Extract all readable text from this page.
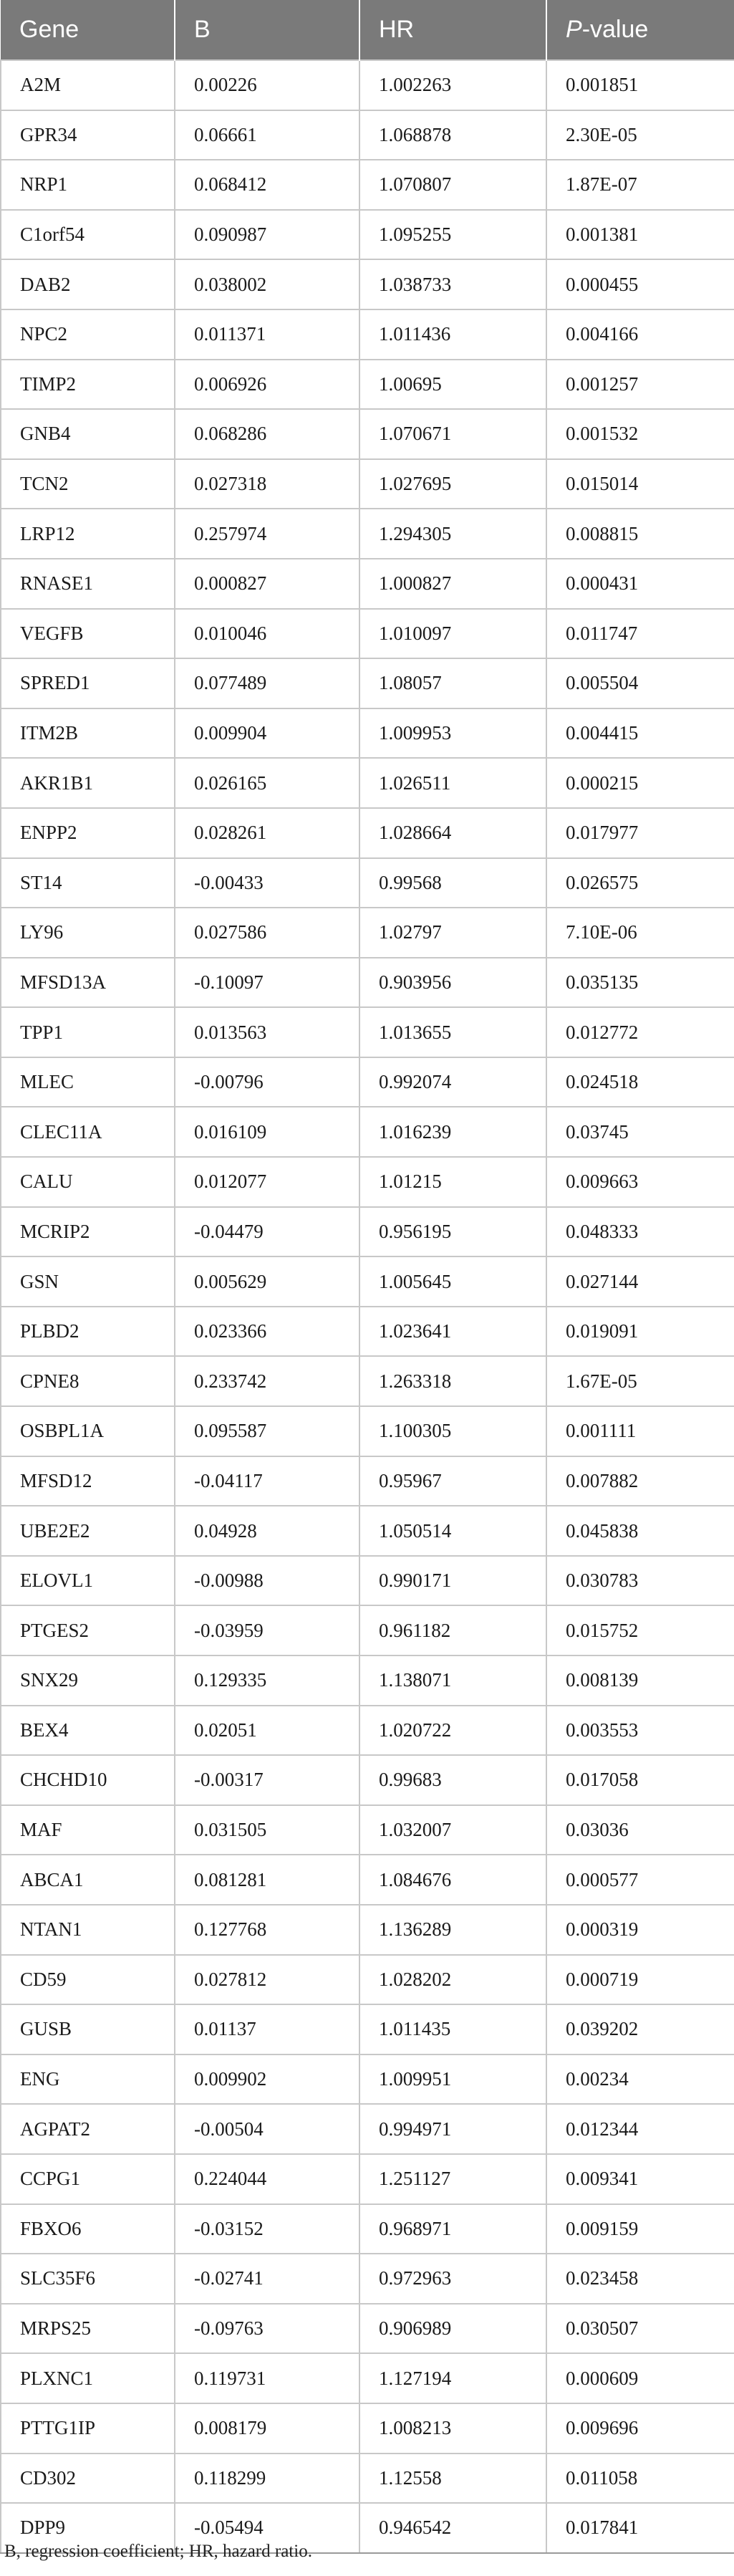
Gene	B	HR	P-value
A2M	0.00226	1.002263	0.001851
GPR34	0.06661	1.068878	2.30E-05
NRP1	0.068412	1.070807	1.87E-07
C1orf54	0.090987	1.095255	0.001381
DAB2	0.038002	1.038733	0.000455
NPC2	0.011371	1.011436	0.004166
TIMP2	0.006926	1.00695	0.001257
GNB4	0.068286	1.070671	0.001532
TCN2	0.027318	1.027695	0.015014
LRP12	0.257974	1.294305	0.008815
RNASE1	0.000827	1.000827	0.000431
VEGFB	0.010046	1.010097	0.011747
SPRED1	0.077489	1.08057	0.005504
ITM2B	0.009904	1.009953	0.004415
AKR1B1	0.026165	1.026511	0.000215
ENPP2	0.028261	1.028664	0.017977
ST14	-0.00433	0.99568	0.026575
LY96	0.027586	1.02797	7.10E-06
MFSD13A	-0.10097	0.903956	0.035135
TPP1	0.013563	1.013655	0.012772
MLEC	-0.00796	0.992074	0.024518
CLEC11A	0.016109	1.016239	0.03745
CALU	0.012077	1.01215	0.009663
MCRIP2	-0.04479	0.956195	0.048333
GSN	0.005629	1.005645	0.027144
PLBD2	0.023366	1.023641	0.019091
CPNE8	0.233742	1.263318	1.67E-05
OSBPL1A	0.095587	1.100305	0.001111
MFSD12	-0.04117	0.95967	0.007882
UBE2E2	0.04928	1.050514	0.045838
ELOVL1	-0.00988	0.990171	0.030783
PTGES2	-0.03959	0.961182	0.015752
SNX29	0.129335	1.138071	0.008139
BEX4	0.02051	1.020722	0.003553
CHCHD10	-0.00317	0.99683	0.017058
MAF	0.031505	1.032007	0.03036
ABCA1	0.081281	1.084676	0.000577
NTAN1	0.127768	1.136289	0.000319
CD59	0.027812	1.028202	0.000719
GUSB	0.01137	1.011435	0.039202
ENG	0.009902	1.009951	0.00234
AGPAT2	-0.00504	0.994971	0.012344
CCPG1	0.224044	1.251127	0.009341
FBXO6	-0.03152	0.968971	0.009159
SLC35F6	-0.02741	0.972963	0.023458
MRPS25	-0.09763	0.906989	0.030507
PLXNC1	0.119731	1.127194	0.000609
PTTG1IP	0.008179	1.008213	0.009696
CD302	0.118299	1.12558	0.011058
DPP9	-0.05494	0.946542	0.017841
B, regression coefficient; HR, hazard ratio.
